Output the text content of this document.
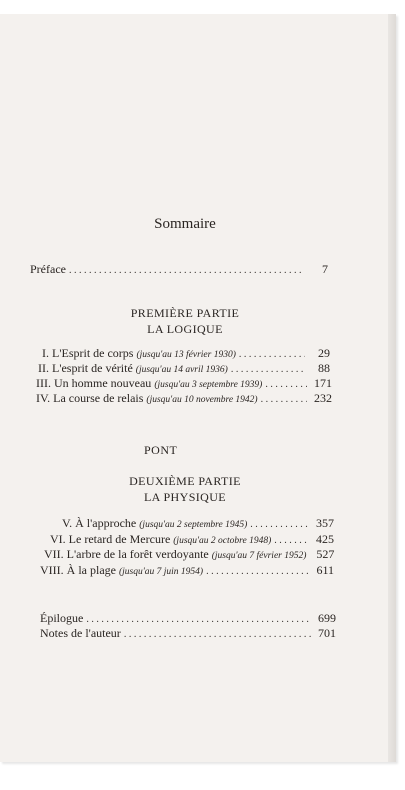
Sommaire
Préface . . .	7
PREMIÈRE PARTIE
LA LOGIQUE
I. L'Esprit de corps (jusqu'au 13 février 1930) . . .	29
II. L'esprit de vérité (jusqu'au 14 avril 1936) . . .	88
III. Un homme nouveau (jusqu'au 3 septembre 1939) . . .	171
IV. La course de relais (jusqu'au 10 novembre 1942) . . .	232
PONT
DEUXIÈME PARTIE
LA PHYSIQUE
V. À l'approche (jusqu'au 2 septembre 1945) . . .	357
VI. Le retard de Mercure (jusqu'au 2 octobre 1948) . . .	425
VII. L'arbre de la forêt verdoyante (jusqu'au 7 février 1952) 527
VIII. À la plage (jusqu'au 7 juin 1954) . . .	611
Épilogue . . .	699
Notes de l'auteur . . .	701
